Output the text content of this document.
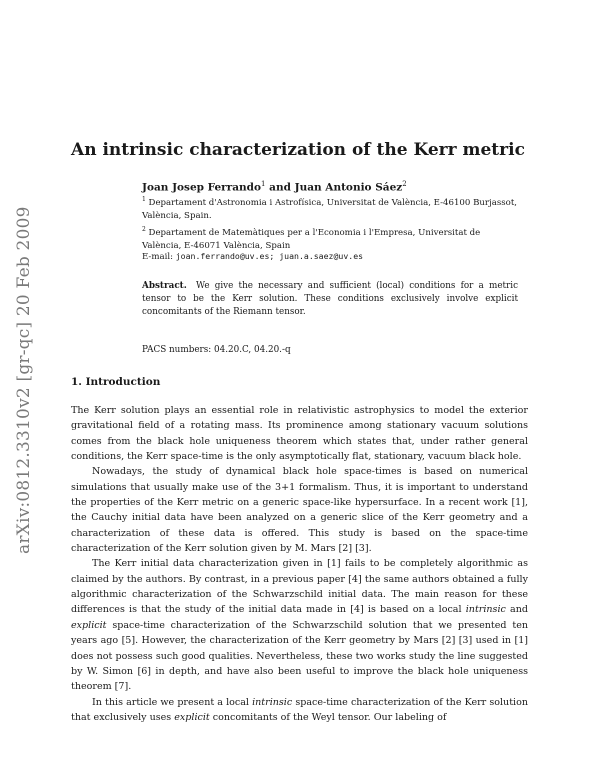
arXiv:0812.3310v2 [gr-qc] 20 Feb 2009
An intrinsic characterization of the Kerr metric
Joan Josep Ferrando$^1$ and Juan Antonio Sáez$^2$
$^1$ Departament d'Astronomia i Astrofísica, Universitat de València, E-46100 Burjassot, València, Spain.
$^2$ Departament de Matemàtiques per a l'Economia i l'Empresa, Universitat de València, E-46071 València, Spain
E-mail: joan.ferrando@uv.es; juan.a.saez@uv.es
Abstract. We give the necessary and sufficient (local) conditions for a metric tensor to be the Kerr solution. These conditions exclusively involve explicit concomitants of the Riemann tensor.
PACS numbers: 04.20.C, 04.20.-q
1. Introduction

The Kerr solution plays an essential role in relativistic astrophysics to model the exterior gravitational field of a rotating mass. Its prominence among stationary vacuum solutions comes from the black hole uniqueness theorem which states that, under rather general conditions, the Kerr space-time is the only asymptotically flat, stationary, vacuum black hole.

Nowadays, the study of dynamical black hole space-times is based on numerical simulations that usually make use of the 3+1 formalism. Thus, it is important to understand the properties of the Kerr metric on a generic space-like hypersurface. In a recent work [1], the Cauchy initial data have been analyzed on a generic slice of the Kerr geometry and a characterization of these data is offered. This study is based on the space-time characterization of the Kerr solution given by M. Mars [2] [3].

The Kerr initial data characterization given in [1] fails to be completely algorithmic as claimed by the authors. By contrast, in a previous paper [4] the same authors obtained a fully algorithmic characterization of the Schwarzschild initial data. The main reason for these differences is that the study of the initial data made in [4] is based on a local intrinsic and explicit space-time characterization of the Schwarzschild solution that we presented ten years ago [5]. However, the characterization of the Kerr geometry by Mars [2] [3] used in [1] does not possess such good qualities. Nevertheless, these two works study the line suggested by W. Simon [6] in depth, and have also been useful to improve the black hole uniqueness theorem [7].

In this article we present a local intrinsic space-time characterization of the Kerr solution that exclusively uses explicit concomitants of the Weyl tensor. Our labeling of
